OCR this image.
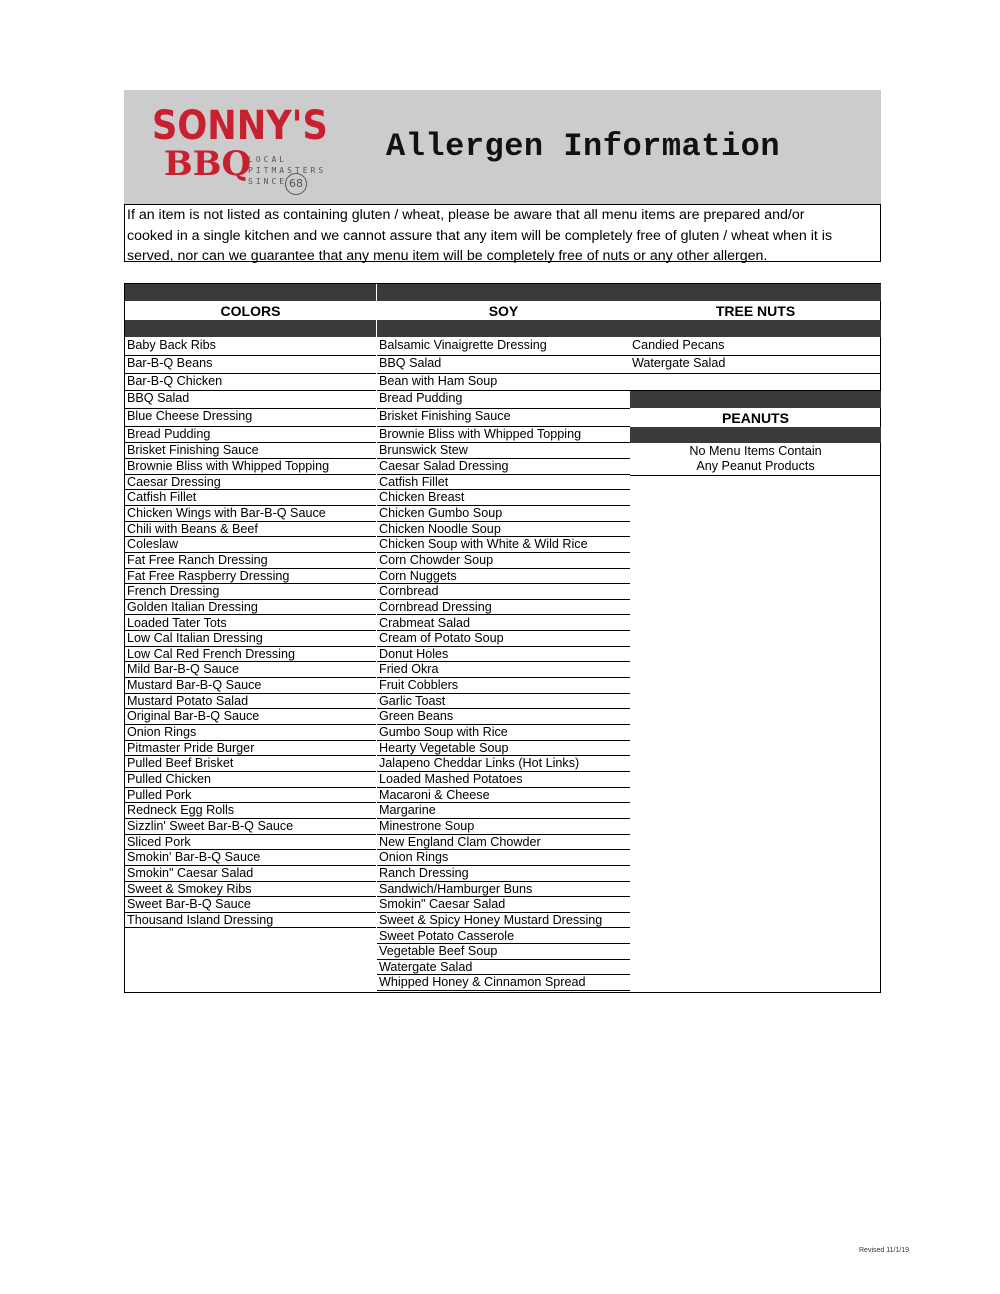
SONNY'S
BBQ
LOCAL
PITMASTERS
SINCE 68
Allergen Information
If an item is not listed as containing gluten / wheat, please be aware that all menu items are prepared and/or
cooked in a single kitchen and we cannot assure that any item will be completely free of gluten / wheat when it is
served, nor can we guarantee that any menu item will be completely free of nuts or any other allergen.
COLORS
Baby Back Ribs
Bar-B-Q Beans
Bar-B-Q Chicken
BBQ Salad
Blue Cheese Dressing
Bread Pudding
Brisket Finishing Sauce
Brownie Bliss with Whipped Topping
Caesar Dressing
Catfish Fillet
Chicken Wings with Bar-B-Q Sauce
Chili with Beans & Beef
Coleslaw
Fat Free Ranch Dressing
Fat Free Raspberry Dressing
French Dressing
Golden Italian Dressing
Loaded Tater Tots
Low Cal Italian Dressing
Low Cal Red French Dressing
Mild Bar-B-Q Sauce
Mustard Bar-B-Q Sauce
Mustard Potato Salad
Original Bar-B-Q Sauce
Onion Rings
Pitmaster Pride Burger
Pulled Beef Brisket
Pulled Chicken
Pulled Pork
Redneck Egg Rolls
Sizzlin' Sweet Bar-B-Q Sauce
Sliced Pork
Smokin' Bar-B-Q Sauce
Smokin" Caesar Salad
Sweet & Smokey Ribs
Sweet Bar-B-Q Sauce
Thousand Island Dressing
SOY
Balsamic Vinaigrette Dressing
BBQ Salad
Bean with Ham Soup
Bread Pudding
Brisket Finishing Sauce
Brownie Bliss with Whipped Topping
Brunswick Stew
Caesar Salad Dressing
Catfish Fillet
Chicken Breast
Chicken Gumbo Soup
Chicken Noodle Soup
Chicken Soup with White & Wild Rice
Corn Chowder Soup
Corn Nuggets
Cornbread
Cornbread Dressing
Crabmeat Salad
Cream of Potato Soup
Donut Holes
Fried Okra
Fruit Cobblers
Garlic Toast
Green Beans
Gumbo Soup with Rice
Hearty Vegetable Soup
Jalapeno Cheddar Links (Hot Links)
Loaded Mashed Potatoes
Macaroni & Cheese
Margarine
Minestrone Soup
New England Clam Chowder
Onion Rings
Ranch Dressing
Sandwich/Hamburger Buns
Smokin" Caesar Salad
Sweet & Spicy Honey Mustard Dressing
Sweet Potato Casserole
Vegetable Beef Soup
Watergate Salad
Whipped Honey & Cinnamon Spread
TREE NUTS
Candied Pecans
Watergate Salad
PEANUTS
No Menu Items Contain
Any Peanut Products
Revised 11/1/19
